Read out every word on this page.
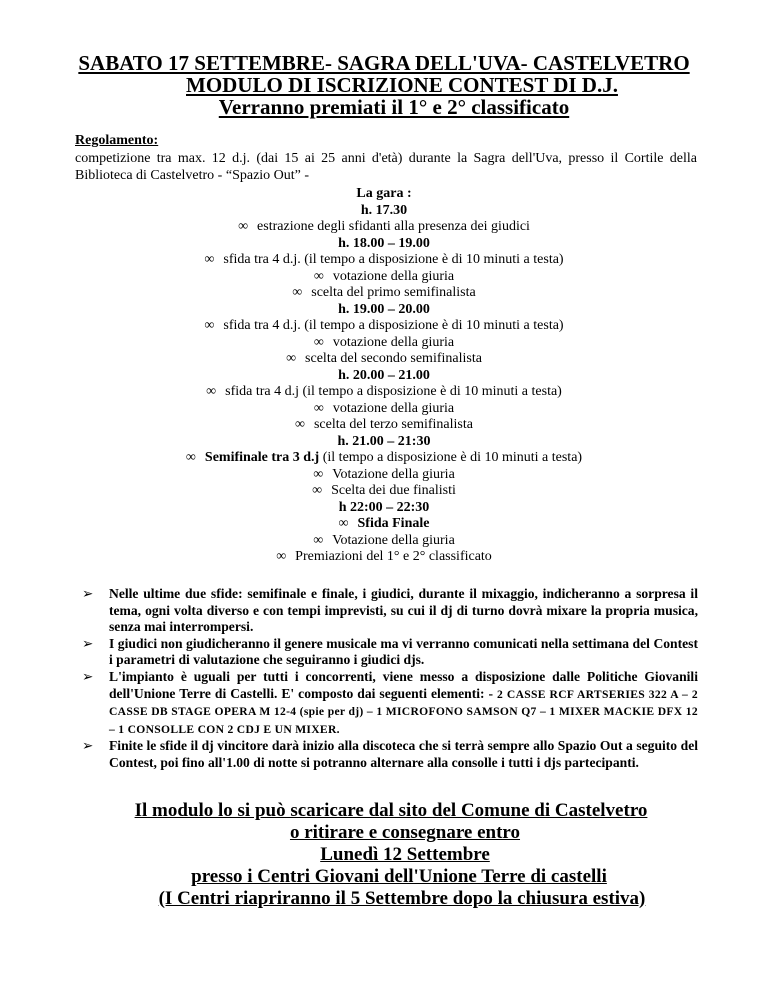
SABATO 17 SETTEMBRE- SAGRA DELL'UVA- CASTELVETRO
MODULO DI ISCRIZIONE CONTEST DI D.J.
Verranno premiati il 1° e 2° classificato
Regolamento:
competizione tra max. 12 d.j. (dai 15 ai 25 anni d'età) durante la Sagra dell'Uva, presso il Cortile della Biblioteca di Castelvetro - “Spazio Out” -
La gara :
h. 17.30
∞ estrazione degli sfidanti alla presenza dei giudici
h. 18.00 – 19.00
∞ sfida tra 4 d.j. (il tempo a disposizione è di 10 minuti a testa)
∞ votazione della giuria
∞ scelta del primo semifinalista
h. 19.00 – 20.00
∞ sfida tra 4 d.j. (il tempo a disposizione è di 10 minuti a testa)
∞ votazione della giuria
∞ scelta del secondo semifinalista
h. 20.00 – 21.00
∞ sfida tra 4 d.j (il tempo a disposizione è di 10 minuti a testa)
∞ votazione della giuria
∞ scelta del terzo semifinalista
h. 21.00 – 21:30
∞ Semifinale tra 3 d.j (il tempo a disposizione è di 10 minuti a testa)
∞ Votazione della giuria
∞ Scelta dei due finalisti
h 22:00 – 22:30
∞ Sfida Finale
∞ Votazione della giuria
∞ Premiazioni del 1° e 2° classificato
➢ Nelle ultime due sfide: semifinale e finale, i giudici, durante il mixaggio, indicheranno a sorpresa il tema, ogni volta diverso e con tempi imprevisti, su cui il dj di turno dovrà mixare la propria musica, senza mai interrompersi.
➢ I giudici non giudicheranno il genere musicale ma vi verranno comunicati nella settimana del Contest i parametri di valutazione che seguiranno i giudici djs.
➢ L'impianto è uguali per tutti i concorrenti, viene messo a disposizione dalle Politiche Giovanili dell'Unione Terre di Castelli. E' composto dai seguenti elementi: - 2 CASSE RCF ARTSERIES 322 A – 2 CASSE DB STAGE OPERA M 12-4 (spie per dj) – 1 MICROFONO SAMSON Q7 – 1 MIXER MACKIE DFX 12 – 1 CONSOLLE CON 2 CDJ E UN MIXER.
➢ Finite le sfide il dj vincitore darà inizio alla discoteca che si terrà sempre allo Spazio Out a seguito del Contest, poi fino all'1.00 di notte si potranno alternare alla consolle i tutti i djs partecipanti.
Il modulo lo si può scaricare dal sito del Comune di Castelvetro
o ritirare e consegnare entro
Lunedì 12 Settembre
presso i Centri Giovani dell'Unione Terre di castelli
(I Centri riapriranno il 5 Settembre dopo la chiusura estiva)
